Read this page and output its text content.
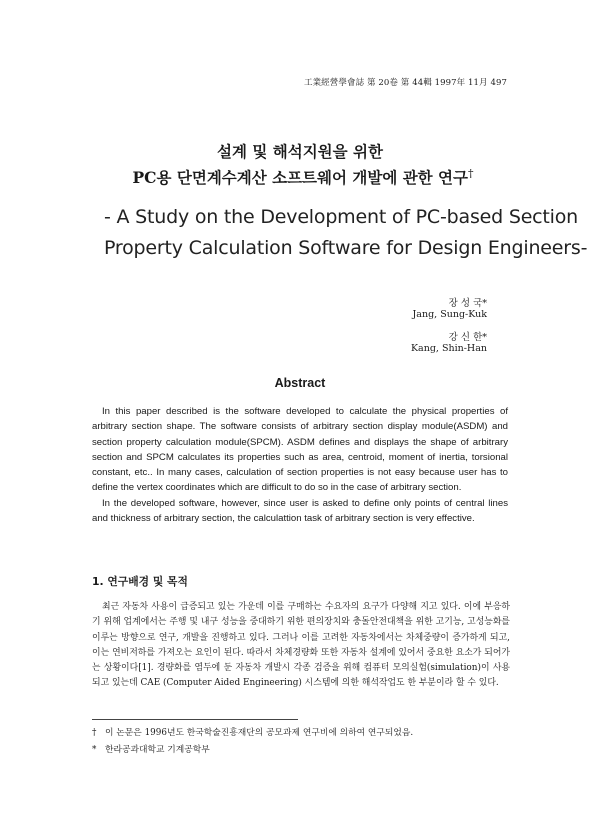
工業經營學會誌 第 20卷 第 44輯 1997年 11月 497
설계 및 해석지원을 위한
PC용 단면계수계산 소프트웨어 개발에 관한 연구†
- A Study on the Development of PC-based Section
Property Calculation Software for Design Engineers-
장 성 국*
Jang, Sung-Kuk
강 신 한*
Kang, Shin-Han
Abstract

In this paper described is the software developed to calculate the physical properties of arbitrary section shape. The software consists of arbitrary section display module(ASDM) and section property calculation module(SPCM). ASDM defines and displays the shape of arbitrary section and SPCM calculates its properties such as area, centroid, moment of inertia, torsional constant, etc.. In many cases, calculation of section properties is not easy because user has to define the vertex coordinates which are difficult to do so in the case of arbitrary section.

In the developed software, however, since user is asked to define only points of central lines and thickness of arbitrary section, the calculattion task of arbitrary section is very effective.

1. 연구배경 및 목적

최근 자동차 사용이 급증되고 있는 가운데 이를 구매하는 수요자의 요구가 다양해 지고 있다. 이에 부응하기 위해 업계에서는 주행 및 내구 성능을 중대하기 위한 편의장치와 충돌안전대책을 위한 고기능, 고성능화를 이루는 방향으로 연구, 개발을 진행하고 있다. 그러나 이를 고려한 자동차에서는 차체중량이 증가하게 되고, 이는 연비저하를 가져오는 요인이 된다. 따라서 차체경량화 또한 자동차 설계에 있어서 중요한 요소가 되어가는 상황이다[1]. 경량화를 염두에 둔 자동차 개발시 각종 검증을 위해 컴퓨터 모의실험(simulation)이 사용되고 있는데 CAE (Computer Aided Engineering) 시스템에 의한 해석작업도 한 부분이라 할 수 있다.

† 이 논문은 1996년도 한국학술진흥재단의 공모과제 연구비에 의하여 연구되었음.
* 한라공과대학교 기계공학부
